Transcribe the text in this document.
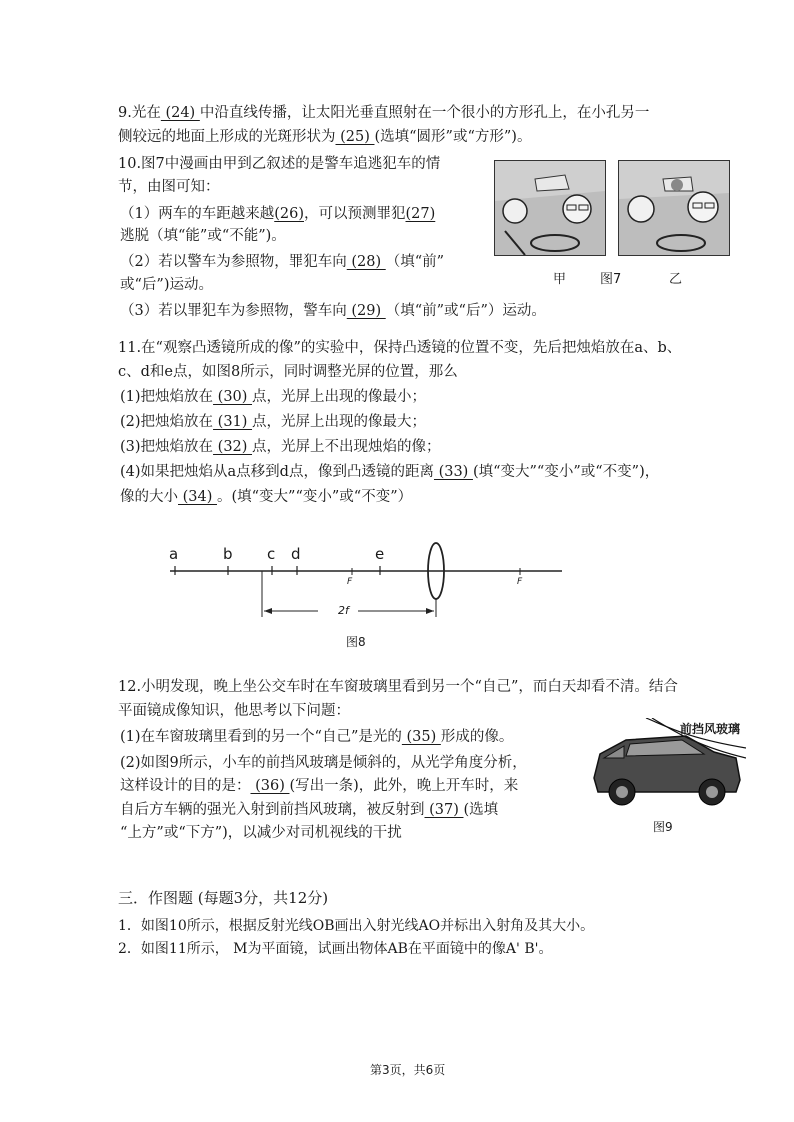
9.光在 (24) 中沿直线传播，让太阳光垂直照射在一个很小的方形孔上，在小孔另一
侧较远的地面上形成的光斑形状为 (25) (选填“圆形”或“方形”)。
10.图7中漫画由甲到乙叙述的是警车追逃犯车的情
节，由图可知：
（1）两车的车距越来越(26)，可以预测罪犯(27)
逃脱（填“能”或“不能”)。
（2）若以警车为参照物，罪犯车向 (28) （填“前”
或“后”)运动。
（3）若以罪犯车为参照物，警车向 (29) （填“前”或“后”）运动。
甲	图7	乙
11.在“观察凸透镜所成的像”的实验中，保持凸透镜的位置不变，先后把烛焰放在a、b、
c、d和e点，如图8所示，同时调整光屏的位置，那么
(1)把烛焰放在 (30) 点，光屏上出现的像最小；
(2)把烛焰放在 (31) 点，光屏上出现的像最大；
(3)把烛焰放在 (32) 点，光屏上不出现烛焰的像；
(4)如果把烛焰从a点移到d点，像到凸透镜的距离 (33) (填“变大”“变小”或“不变”)，
像的大小 (34) 。(填“变大”“变小”或“不变”）
a	b c d	e
F	F
2f
图8
12.小明发现，晚上坐公交车时在车窗玻璃里看到另一个“自己”，而白天却看不清。结合
平面镜成像知识，他思考以下问题：
(1)在车窗玻璃里看到的另一个“自己”是光的 (35) 形成的像。
(2)如图9所示，小车的前挡风玻璃是倾斜的，从光学角度分析，
这样设计的目的是： (36) (写出一条)，此外，晚上开车时，来
自后方车辆的强光入射到前挡风玻璃，被反射到 (37) (选填
“上方”或“下方”)，以减少对司机视线的干扰
前挡风玻璃
图9
三．作图题 (每题3分，共12分)
1．如图10所示，根据反射光线OB画出入射光线AO并标出入射角及其大小。
2．如图11所示， M为平面镜，试画出物体AB在平面镜中的像A' B'。
第3页，共6页
